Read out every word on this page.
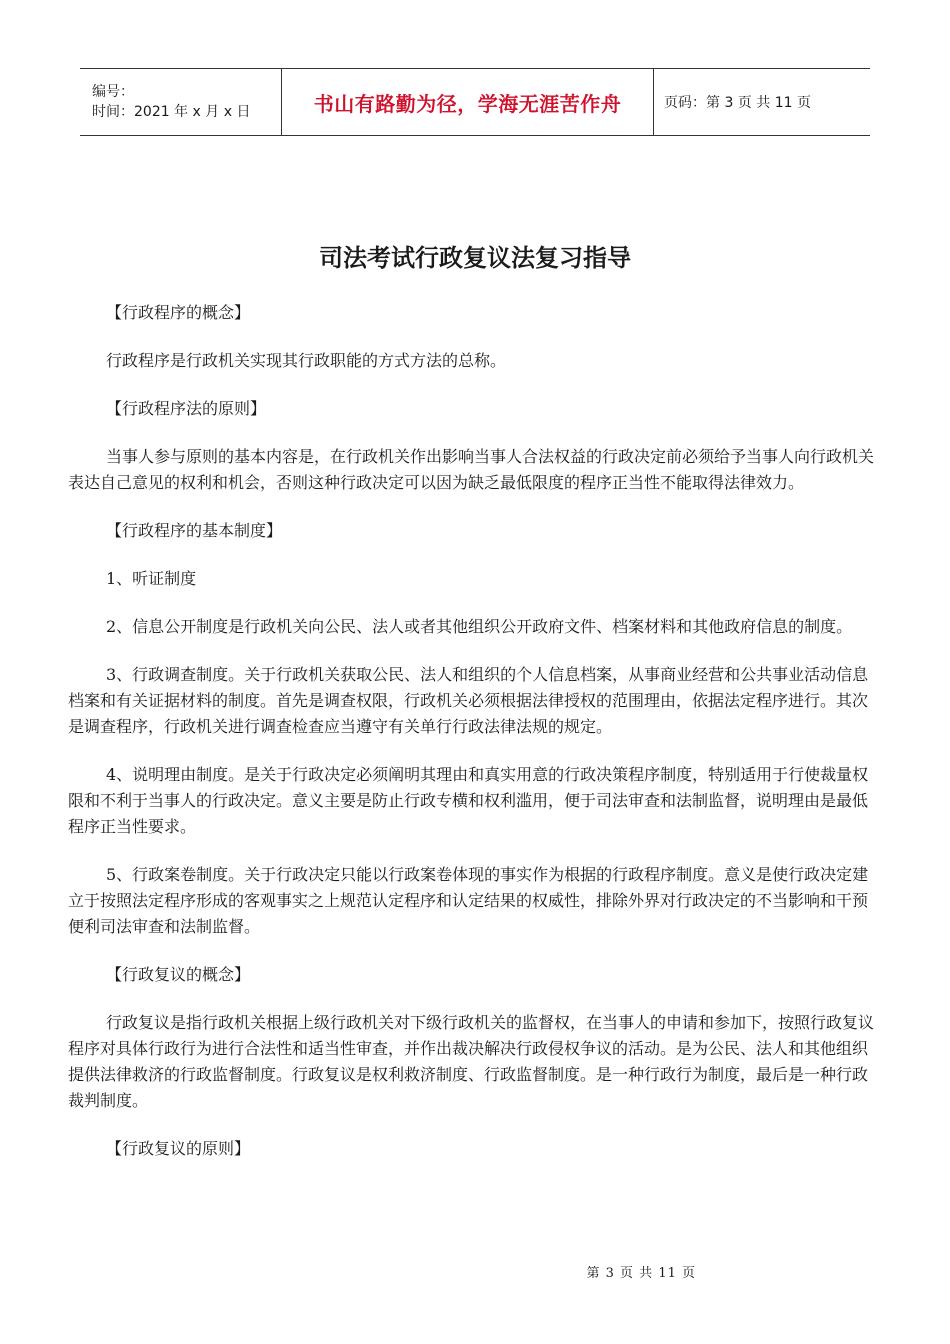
编号：
时间：2021 年 x 月 x 日	书山有路勤为径，学海无涯苦作舟	页码：第 3 页 共 11 页
司法考试行政复议法复习指导

【行政程序的概念】

行政程序是行政机关实现其行政职能的方式方法的总称。

【行政程序法的原则】

当事人参与原则的基本内容是，在行政机关作出影响当事人合法权益的行政决定前必须给予当事人向行政机关表达自己意见的权利和机会，否则这种行政决定可以因为缺乏最低限度的程序正当性不能取得法律效力。

【行政程序的基本制度】

1、听证制度

2、信息公开制度是行政机关向公民、法人或者其他组织公开政府文件、档案材料和其他政府信息的制度。

3、行政调查制度。关于行政机关获取公民、法人和组织的个人信息档案，从事商业经营和公共事业活动信息档案和有关证据材料的制度。首先是调查权限，行政机关必须根据法律授权的范围理由，依据法定程序进行。其次是调查程序，行政机关进行调查检查应当遵守有关单行行政法律法规的规定。

4、说明理由制度。是关于行政决定必须阐明其理由和真实用意的行政决策程序制度，特别适用于行使裁量权限和不利于当事人的行政决定。意义主要是防止行政专横和权利滥用，便于司法审查和法制监督，说明理由是最低程序正当性要求。

5、行政案卷制度。关于行政决定只能以行政案卷体现的事实作为根据的行政程序制度。意义是使行政决定建立于按照法定程序形成的客观事实之上规范认定程序和认定结果的权威性，排除外界对行政决定的不当影响和干预便利司法审查和法制监督。

【行政复议的概念】

行政复议是指行政机关根据上级行政机关对下级行政机关的监督权，在当事人的申请和参加下，按照行政复议程序对具体行政行为进行合法性和适当性审查，并作出裁决解决行政侵权争议的活动。是为公民、法人和其他组织提供法律救济的行政监督制度。行政复议是权利救济制度、行政监督制度。是一种行政行为制度，最后是一种行政裁判制度。

【行政复议的原则】

第 3 页 共 11 页
